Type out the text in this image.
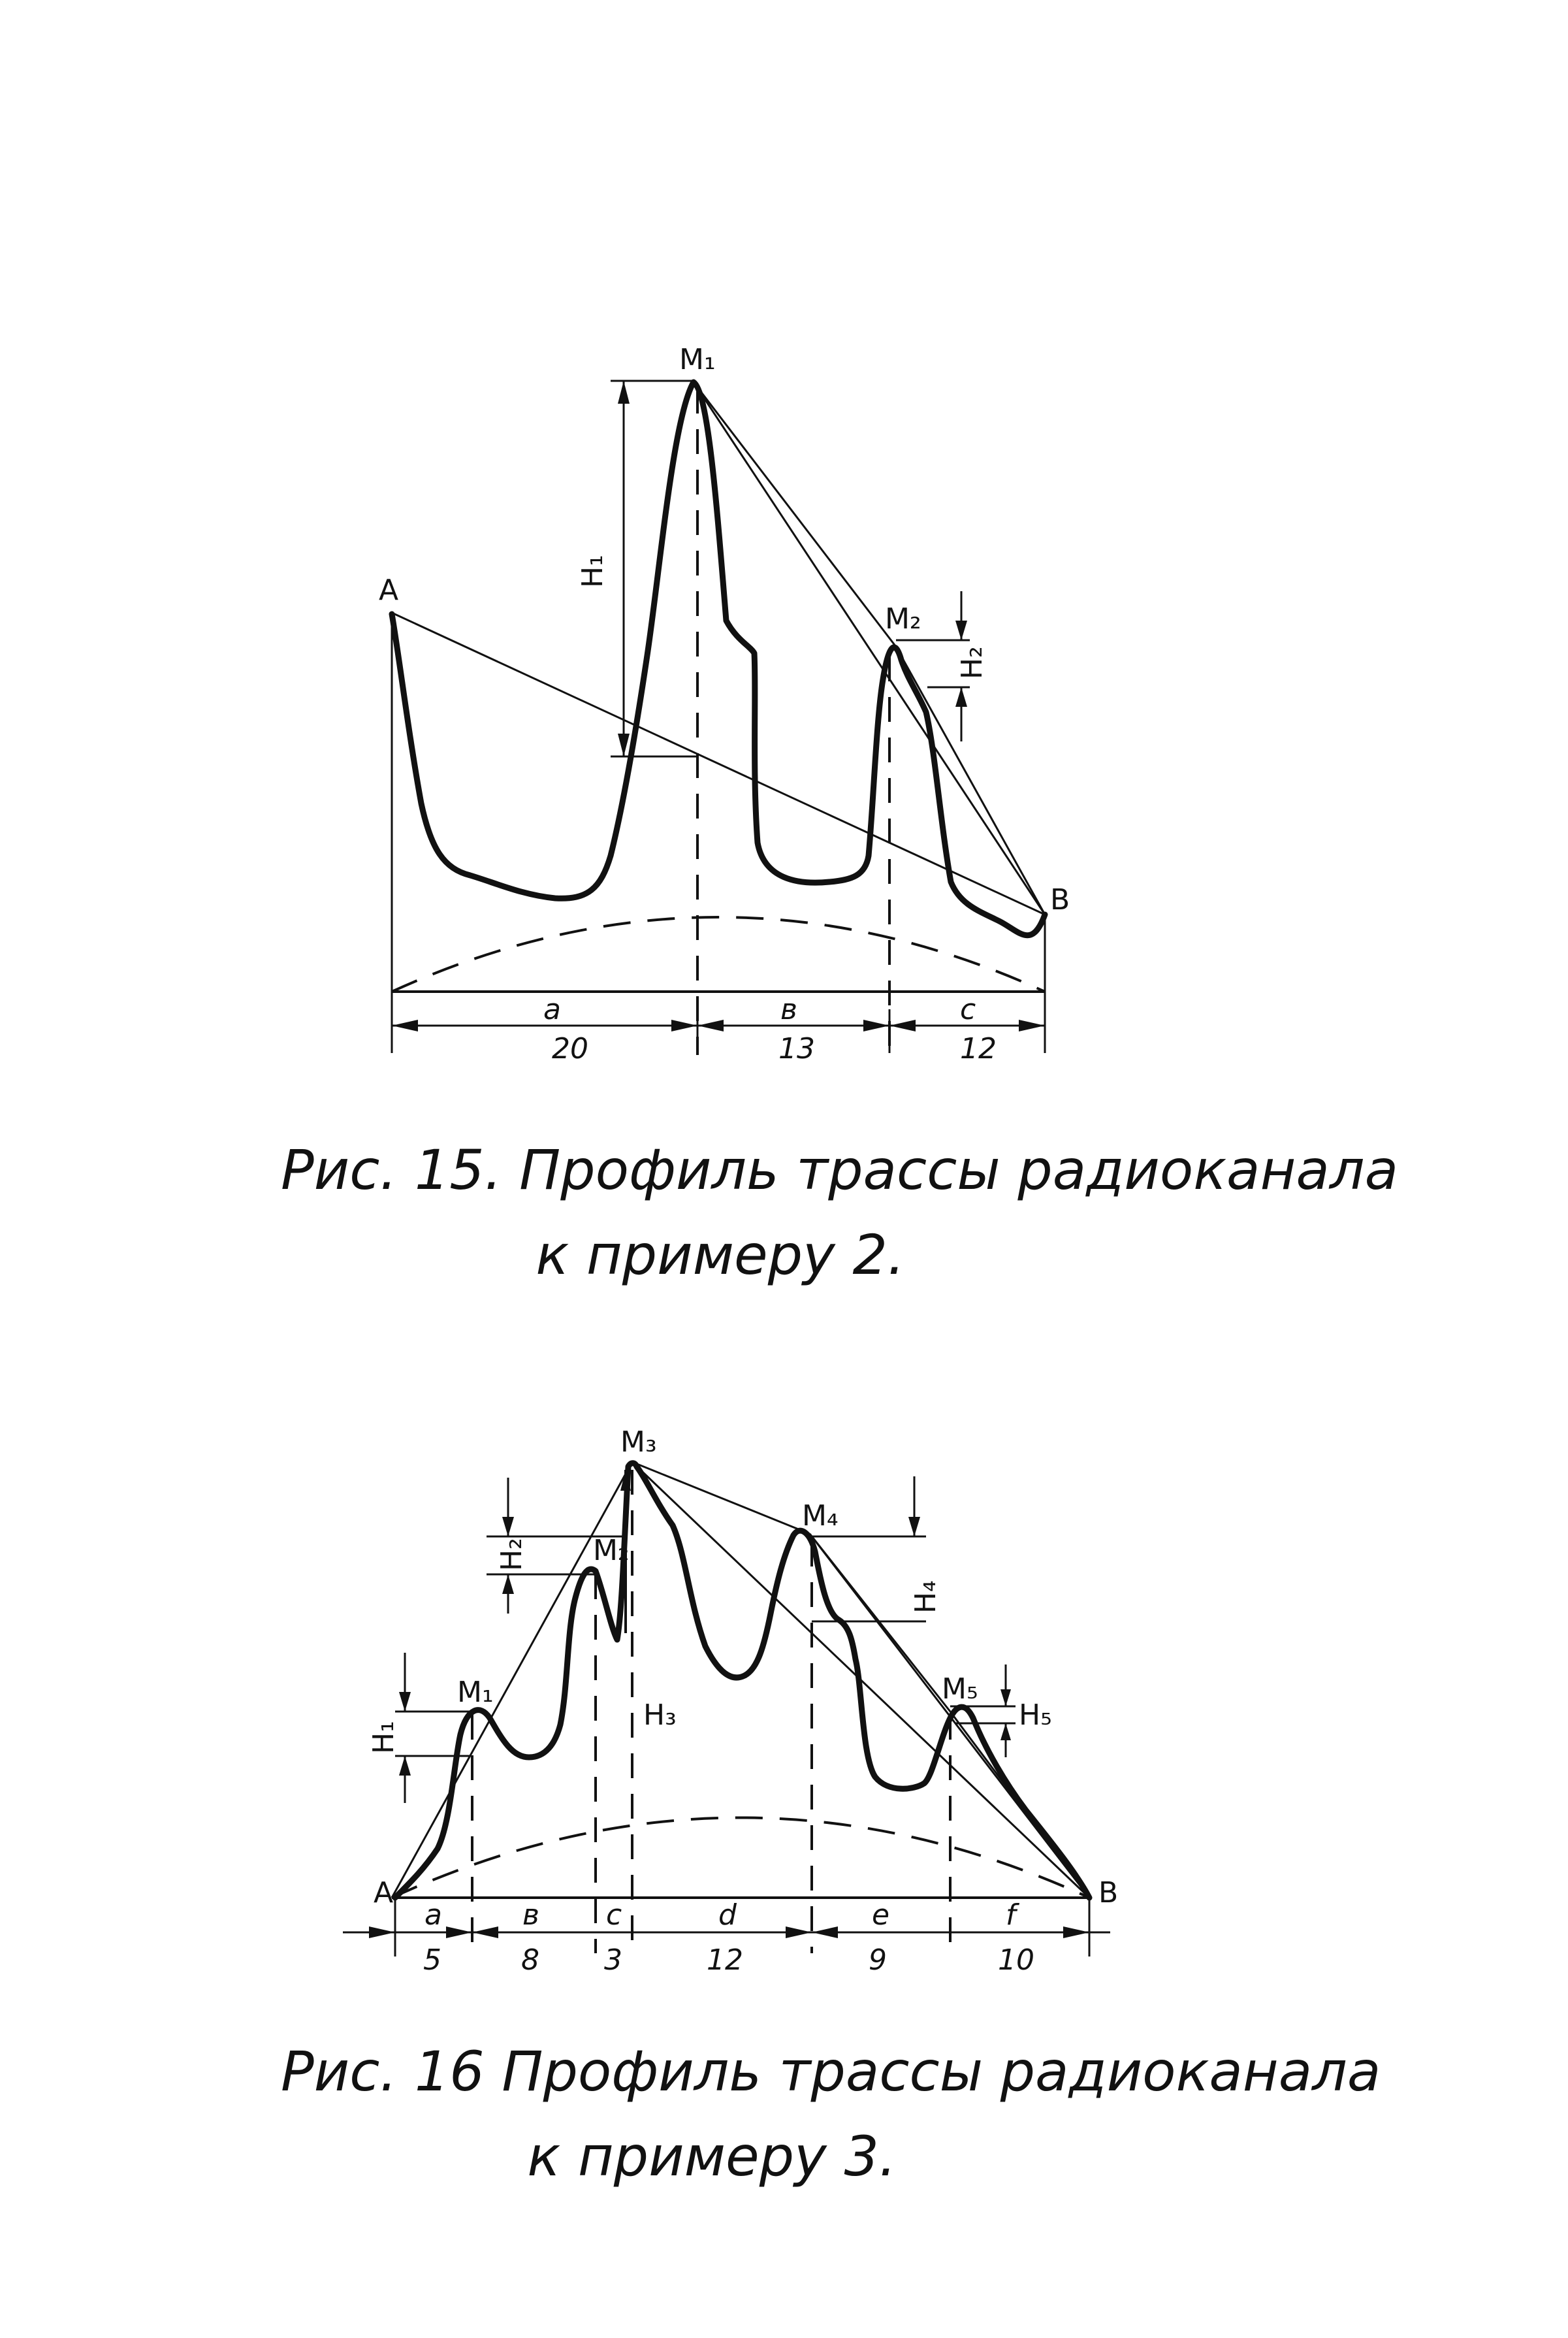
A
B
M₁
M₂
H₁
H₂
a	в	c
20	13	12
Рис. 15. Профиль трассы радиоканала
к примеру 2.
A	B
M₁
M₂
M₃
M₄
M₅
H₁
H₂
H₃
H₄
H₅
a	в c	d	e	f
5	8 3	12	9	10
Рис. 16 Профиль трассы радиоканала
к примеру 3.
